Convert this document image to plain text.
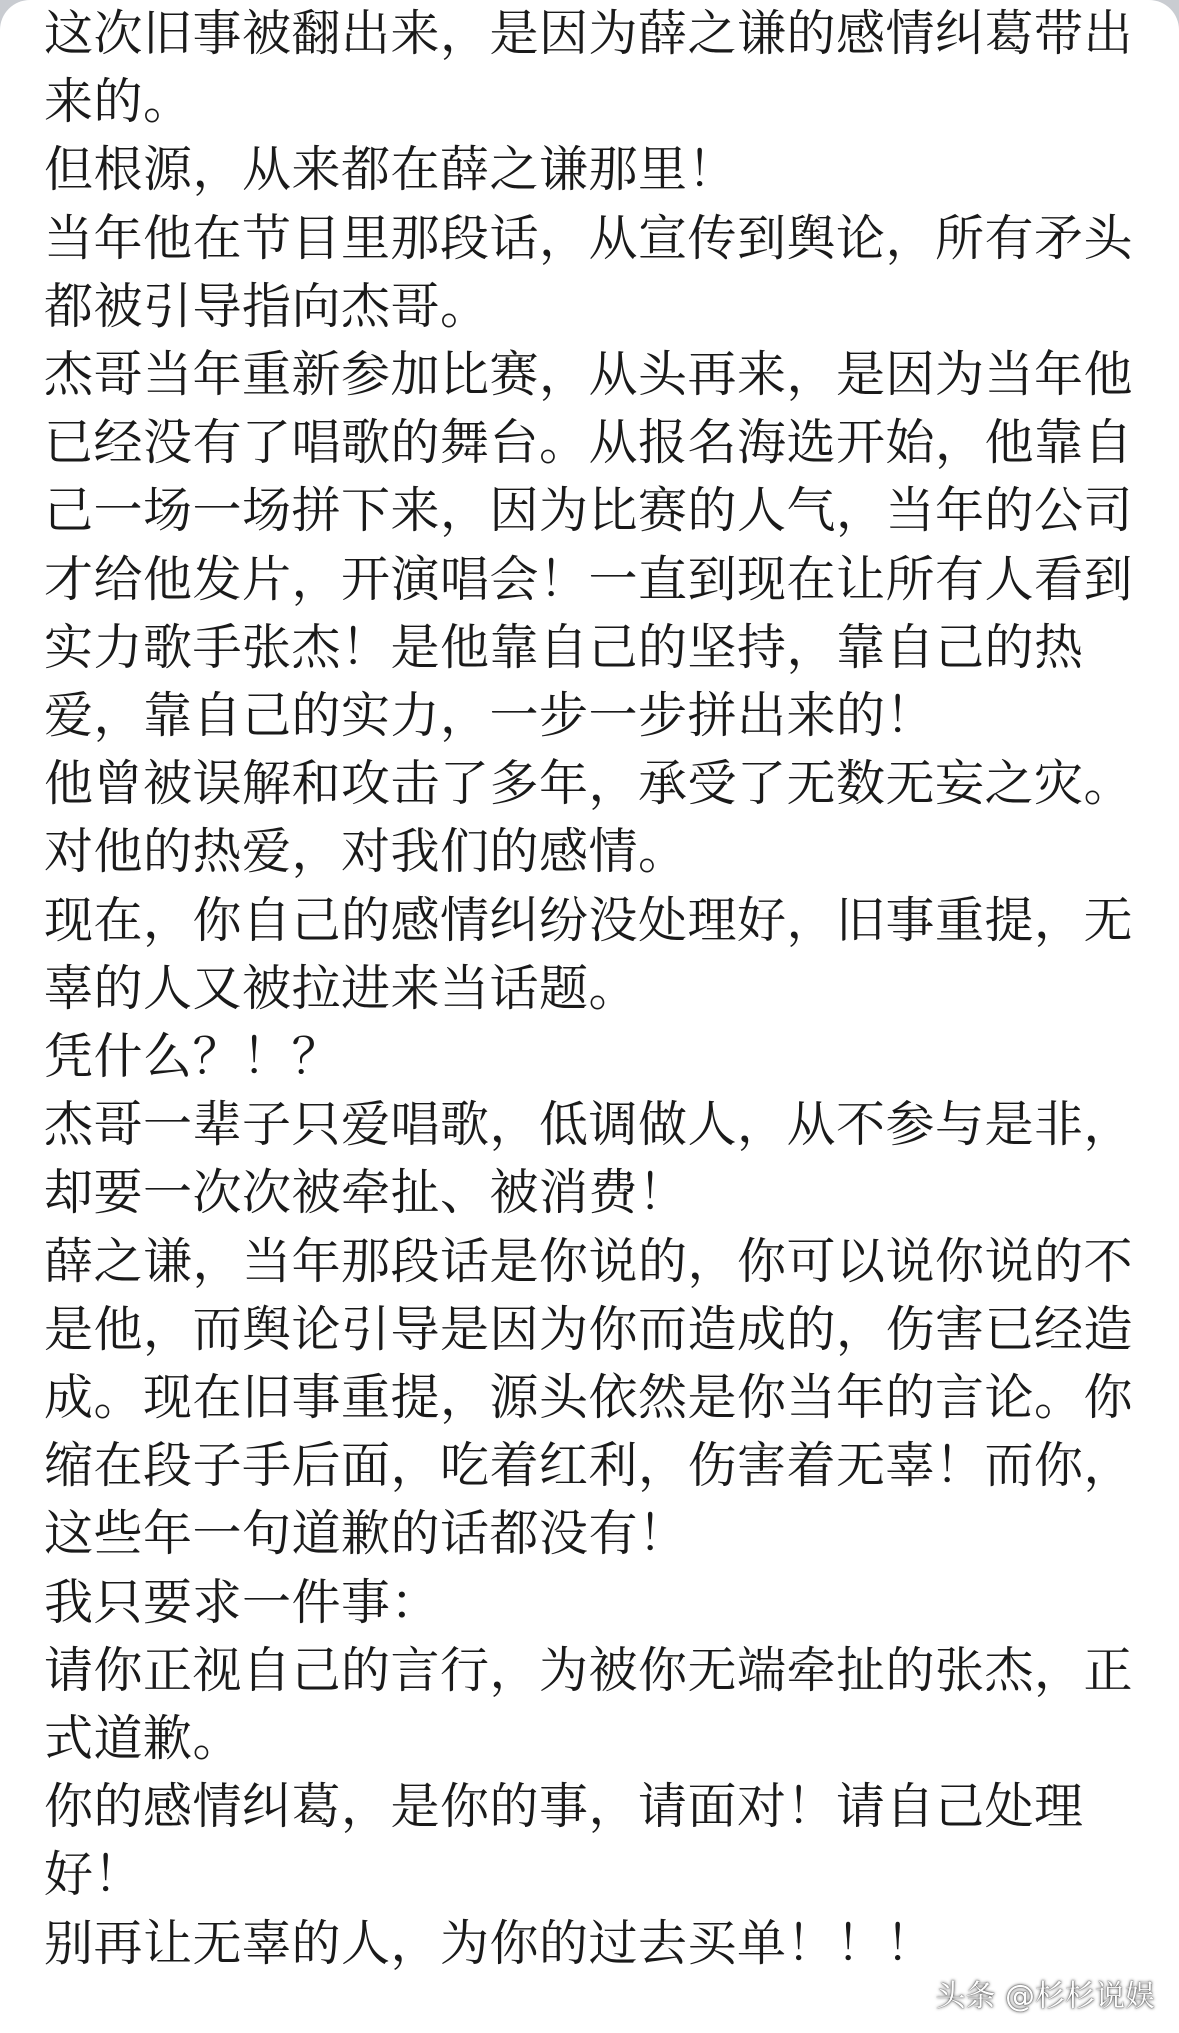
这次旧事被翻出来，是因为薛之谦的感情纠葛带出
来的。
但根源，从来都在薛之谦那里！
当年他在节目里那段话，从宣传到舆论，所有矛头
都被引导指向杰哥。
杰哥当年重新参加比赛，从头再来，是因为当年他
已经没有了唱歌的舞台。从报名海选开始，他靠自
己一场一场拼下来，因为比赛的人气，当年的公司
才给他发片，开演唱会！一直到现在让所有人看到
实力歌手张杰！是他靠自己的坚持，靠自己的热
爱，靠自己的实力，一步一步拼出来的！
他曾被误解和攻击了多年，承受了无数无妄之灾。
对他的热爱，对我们的感情。
现在，你自己的感情纠纷没处理好，旧事重提，无
辜的人又被拉进来当话题。
凭什么？！？
杰哥一辈子只爱唱歌，低调做人，从不参与是非，
却要一次次被牵扯、被消费！
薛之谦，当年那段话是你说的，你可以说你说的不
是他，而舆论引导是因为你而造成的，伤害已经造
成。现在旧事重提，源头依然是你当年的言论。你
缩在段子手后面，吃着红利，伤害着无辜！而你，
这些年一句道歉的话都没有！
我只要求一件事：
请你正视自己的言行，为被你无端牵扯的张杰，正
式道歉。
你的感情纠葛，是你的事，请面对！请自己处理
好！
别再让无辜的人，为你的过去买单！！！
头条 @杉杉说娱
